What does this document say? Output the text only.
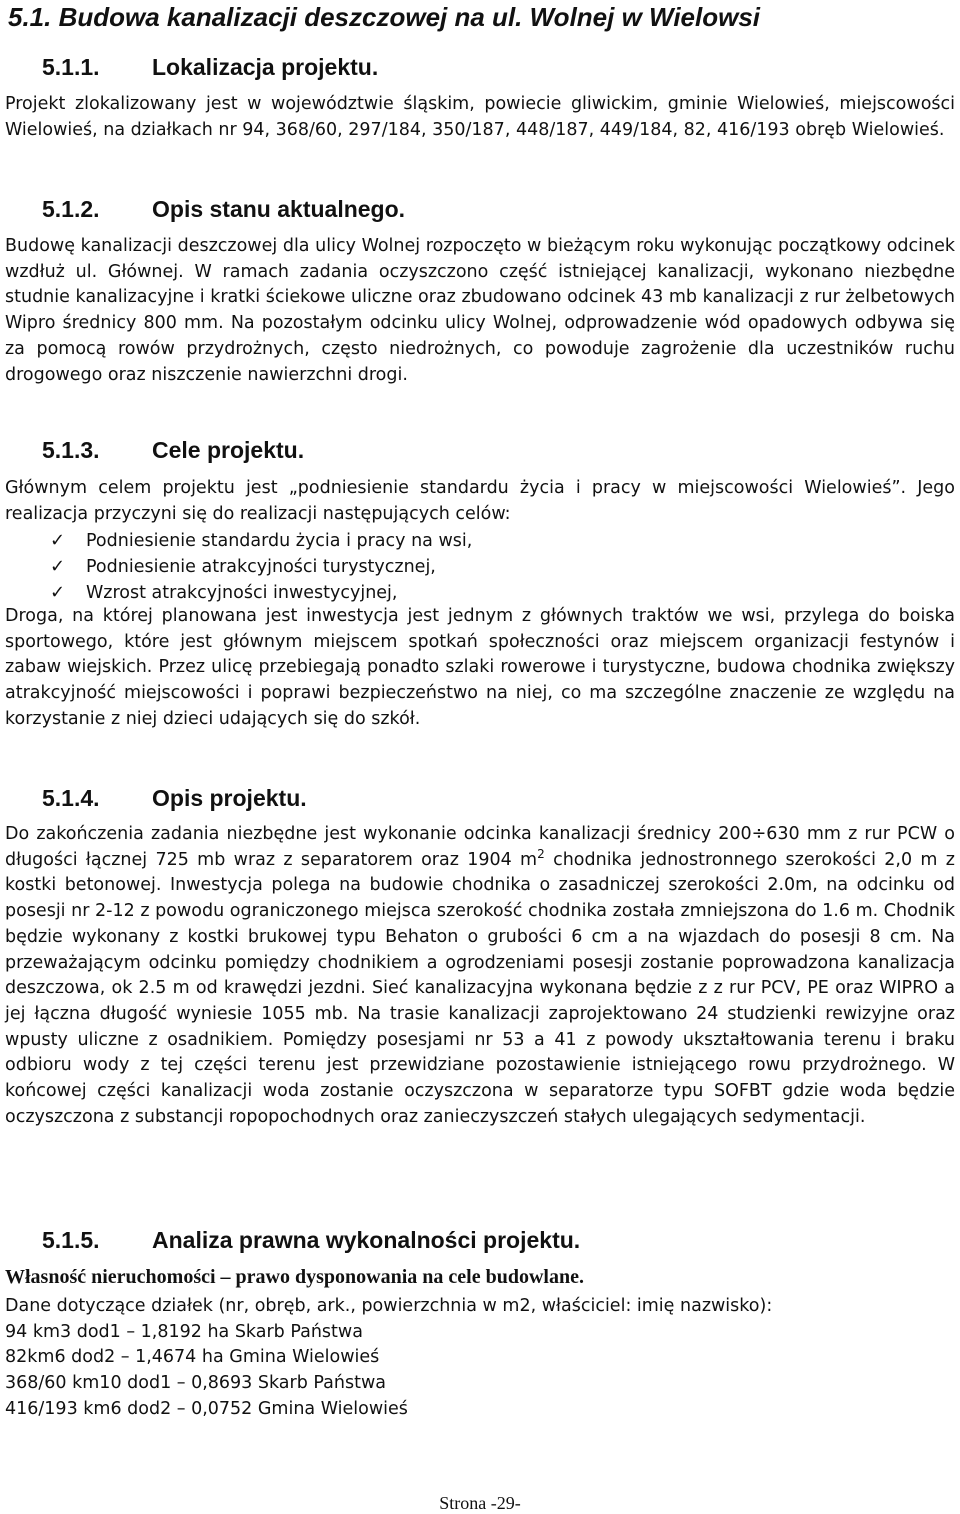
5.1. Budowa kanalizacji deszczowej na ul. Wolnej w Wielowsi
5.1.1. Lokalizacja projektu.

Projekt zlokalizowany jest w województwie śląskim, powiecie gliwickim, gminie Wielowieś, miejscowości Wielowieś, na działkach nr 94, 368/60, 297/184, 350/187, 448/187, 449/184, 82, 416/193 obręb Wielowieś.

5.1.2. Opis stanu aktualnego.

Budowę kanalizacji deszczowej dla ulicy Wolnej rozpoczęto w bieżącym roku wykonując początkowy odcinek wzdłuż ul. Głównej. W ramach zadania oczyszczono część istniejącej kanalizacji, wykonano niezbędne studnie kanalizacyjne i kratki ściekowe uliczne oraz zbudowano odcinek 43 mb kanalizacji z rur żelbetowych Wipro średnicy 800 mm. Na pozostałym odcinku ulicy Wolnej, odprowadzenie wód opadowych odbywa się za pomocą rowów przydrożnych, często niedrożnych, co powoduje zagrożenie dla uczestników ruchu drogowego oraz niszczenie nawierzchni drogi.

5.1.3. Cele projektu.

Głównym celem projektu jest „podniesienie standardu życia i pracy w miejscowości Wielowieś”. Jego realizacja przyczyni się do realizacji następujących celów:

✓ Podniesienie standardu życia i pracy na wsi,
✓ Podniesienie atrakcyjności turystycznej,
✓ Wzrost atrakcyjności inwestycyjnej,

Droga, na której planowana jest inwestycja jest jednym z głównych traktów we wsi, przylega do boiska sportowego, które jest głównym miejscem spotkań społeczności oraz miejscem organizacji festynów i zabaw wiejskich. Przez ulicę przebiegają ponadto szlaki rowerowe i turystyczne, budowa chodnika zwiększy atrakcyjność miejscowości i poprawi bezpieczeństwo na niej, co ma szczególne znaczenie ze względu na korzystanie z niej dzieci udających się do szkół.

5.1.4. Opis projektu.

Do zakończenia zadania niezbędne jest wykonanie odcinka kanalizacji średnicy 200÷630 mm z rur PCW o długości łącznej 725 mb wraz z separatorem oraz 1904 $m^2$ chodnika jednostronnego szerokości 2,0 m z kostki betonowej. Inwestycja polega na budowie chodnika o zasadniczej szerokości 2.0m, na odcinku od posesji nr 2-12 z powodu ograniczonego miejsca szerokość chodnika została zmniejszona do 1.6 m. Chodnik będzie wykonany z kostki brukowej typu Behaton o grubości 6 cm a na wjazdach do posesji 8 cm. Na przeważającym odcinku pomiędzy chodnikiem a ogrodzeniami posesji zostanie poprowadzona kanalizacja deszczowa, ok 2.5 m od krawędzi jezdni. Sieć kanalizacyjna wykonana będzie z z rur PCV, PE oraz WIPRO a jej łączna długość wyniesie 1055 mb. Na trasie kanalizacji zaprojektowano 24 studzienki rewizyjne oraz wpusty uliczne z osadnikiem. Pomiędzy posesjami nr 53 a 41 z powody ukształtowania terenu i braku odbioru wody z tej części terenu jest przewidziane pozostawienie istniejącego rowu przydrożnego. W końcowej części kanalizacji woda zostanie oczyszczona w separatorze typu SOFBT gdzie woda będzie oczyszczona z substancji ropopochodnych oraz zanieczyszczeń stałych ulegających sedymentacji.

5.1.5. Analiza prawna wykonalności projektu.
Własność nieruchomości – prawo dysponowania na cele budowlane.
Dane dotyczące działek (nr, obręb, ark., powierzchnia w m2, właściciel: imię nazwisko):
94 km3 dod1 – 1,8192 ha Skarb Państwa
82km6 dod2 – 1,4674 ha Gmina Wielowieś
368/60 km10 dod1 – 0,8693 Skarb Państwa
416/193 km6 dod2 – 0,0752 Gmina Wielowieś
Strona -29-
